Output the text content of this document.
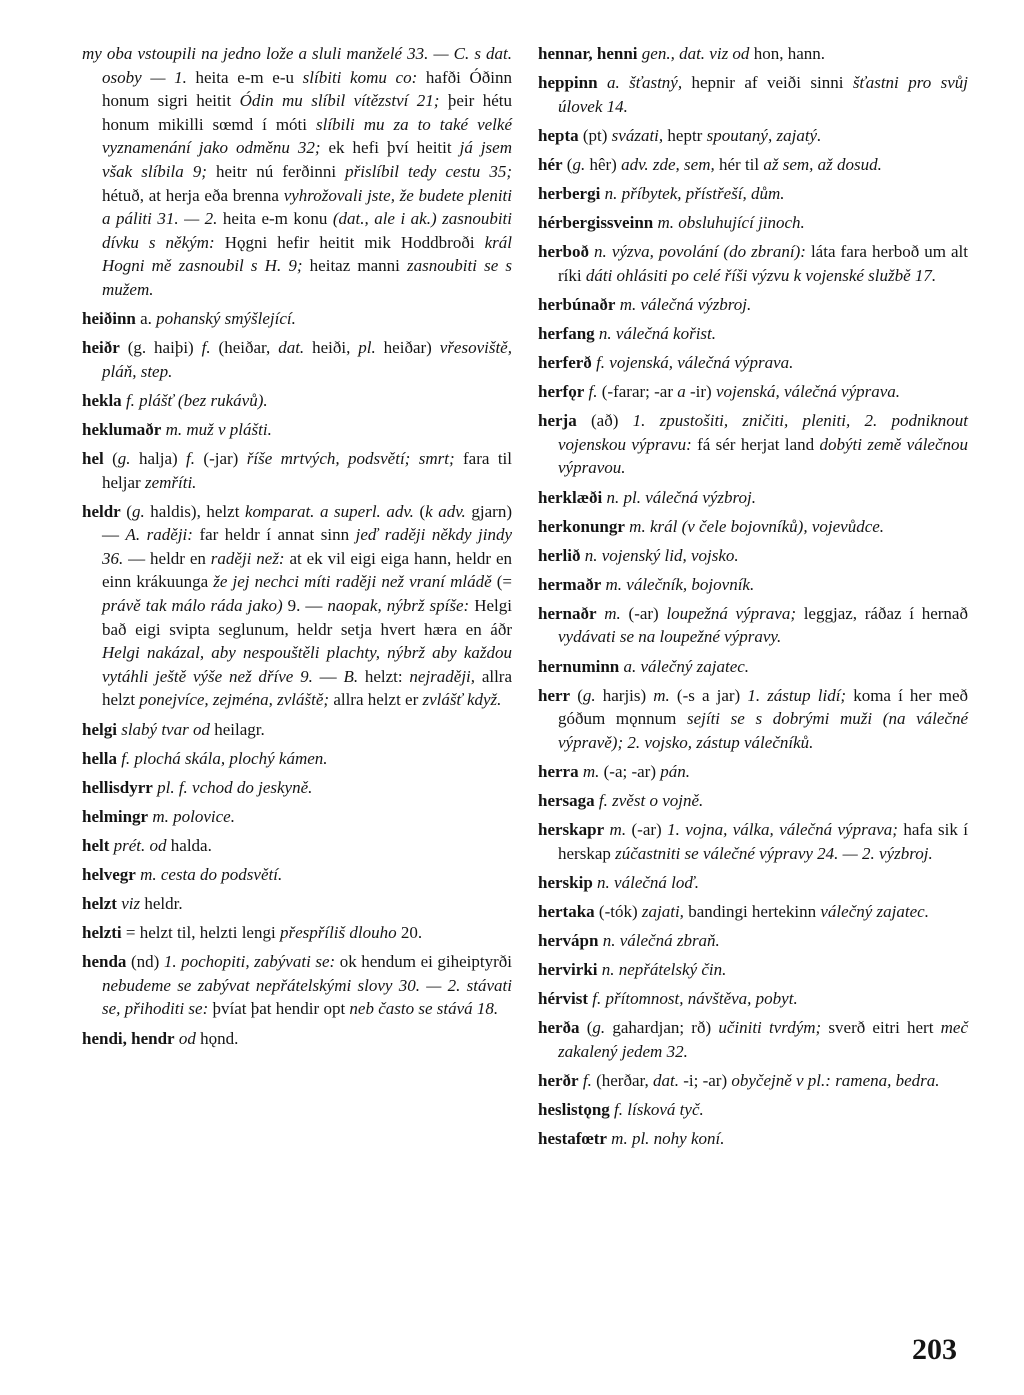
my oba vstoupili na jedno lože a sluli manželé 33. — C. s dat. osoby — 1. heita e-m e-u slíbiti komu co: hafði Óðinn honum sigri heitit Ódin mu slíbil vítězství 21; þeir hétu honum mikilli sœmd í móti slíbili mu za to také velké vyznamenání jako odměnu 32; ek hefi því heitit já jsem však slíbila 9; heitr nú ferðinni přislíbil tedy cestu 35; hétuð, at herja eða brenna vyhrožovali jste, že budete pleniti a páliti 31. — 2. heita e-m konu (dat., ale i ak.) zasnoubiti dívku s někým: Hǫgni hefir heitit mik Hoddbroði král Hogni mě zasnoubil s H. 9; heitaz manni zasnoubiti se s mužem.
heiðinn a. pohanský smýšlející.
heiðr (g. haiþi) f. (heiðar, dat. heiði, pl. heiðar) vřesoviště, pláň, step.
hekla f. plášť (bez rukávů).
heklumaðr m. muž v plášti.
hel (g. halja) f. (-jar) říše mrtvých, podsvětí; smrt; fara til heljar zemříti.
heldr (g. haldis), helzt komparat. a superl. adv. (k adv. gjarn) — A. raději: far heldr í annat sinn jeď raději někdy jindy 36. — heldr en raději než: at ek vil eigi eiga hann, heldr en einn krákuunga že jej nechci míti raději než vraní mládě (= právě tak málo ráda jako) 9. — naopak, nýbrž spíše: Helgi bað eigi svipta seglunum, heldr setja hvert hæra en áðr Helgi nakázal, aby nespouštěli plachty, nýbrž aby každou vytáhli ještě výše než dříve 9. — B. helzt: nejraději, allra helzt ponejvíce, zejména, zvláště; allra helzt er zvlášť když.
helgi slabý tvar od heilagr.
hella f. plochá skála, plochý kámen.
hellisdyrr pl. f. vchod do jeskyně.
helmingr m. polovice.
helt prét. od halda.
helvegr m. cesta do podsvětí.
helzt viz heldr.
helzti = helzt til, helzti lengi přespříliš dlouho 20.
henda (nd) 1. pochopiti, zabývati se: ok hendum ei giheiptyrði nebudeme se zabývat nepřátelskými slovy 30. — 2. stávati se, přihoditi se: þvíat þat hendir opt neb často se stává 18.
hendi, hendr od hǫnd.
hennar, henni gen., dat. viz od hon, hann.
heppinn a. šťastný, hepnir af veiði sinni šťastni pro svůj úlovek 14.
hepta (pt) svázati, heptr spoutaný, zajatý.
hér (g. hêr) adv. zde, sem, hér til až sem, až dosud.
herbergi n. příbytek, přístřeší, dům.
hérbergissveinn m. obsluhující jinoch.
herboð n. výzva, povolání (do zbraní): láta fara herboð um alt ríki dáti ohlásiti po celé říši výzvu k vojenské službě 17.
herbúnaðr m. válečná výzbroj.
herfang n. válečná kořist.
herferð f. vojenská, válečná výprava.
herfǫr f. (-farar; -ar a -ir) vojenská, válečná výprava.
herja (að) 1. zpustošiti, zničiti, pleniti, 2. podniknout vojenskou výpravu: fá sér herjat land dobýti země válečnou výpravou.
herklæði n. pl. válečná výzbroj.
herkonungr m. král (v čele bojovníků), vojevůdce.
herlið n. vojenský lid, vojsko.
hermaðr m. válečník, bojovník.
hernaðr m. (-ar) loupežná výprava; leggjaz, ráðaz í hernað vydávati se na loupežné výpravy.
hernuminn a. válečný zajatec.
herr (g. harjis) m. (-s a jar) 1. zástup lidí; koma í her með góðum mǫnnum sejíti se s dobrými muži (na válečné výpravě); 2. vojsko, zástup válečníků.
herra m. (-a; -ar) pán.
hersaga f. zvěst o vojně.
herskapr m. (-ar) 1. vojna, válka, válečná výprava; hafa sik í herskap zúčastniti se válečné výpravy 24. — 2. výzbroj.
herskip n. válečná loď.
hertaka (-tók) zajati, bandingi hertekinn válečný zajatec.
hervápn n. válečná zbraň.
hervirki n. nepřátelský čin.
hérvist f. přítomnost, návštěva, pobyt.
herða (g. gahardjan; rð) učiniti tvrdým; sverð eitri hert meč zakalený jedem 32.
herðr f. (herðar, dat. -i; -ar) obyčejně v pl.: ramena, bedra.
heslistǫng f. lísková tyč.
hestafœtr m. pl. nohy koní.
203
